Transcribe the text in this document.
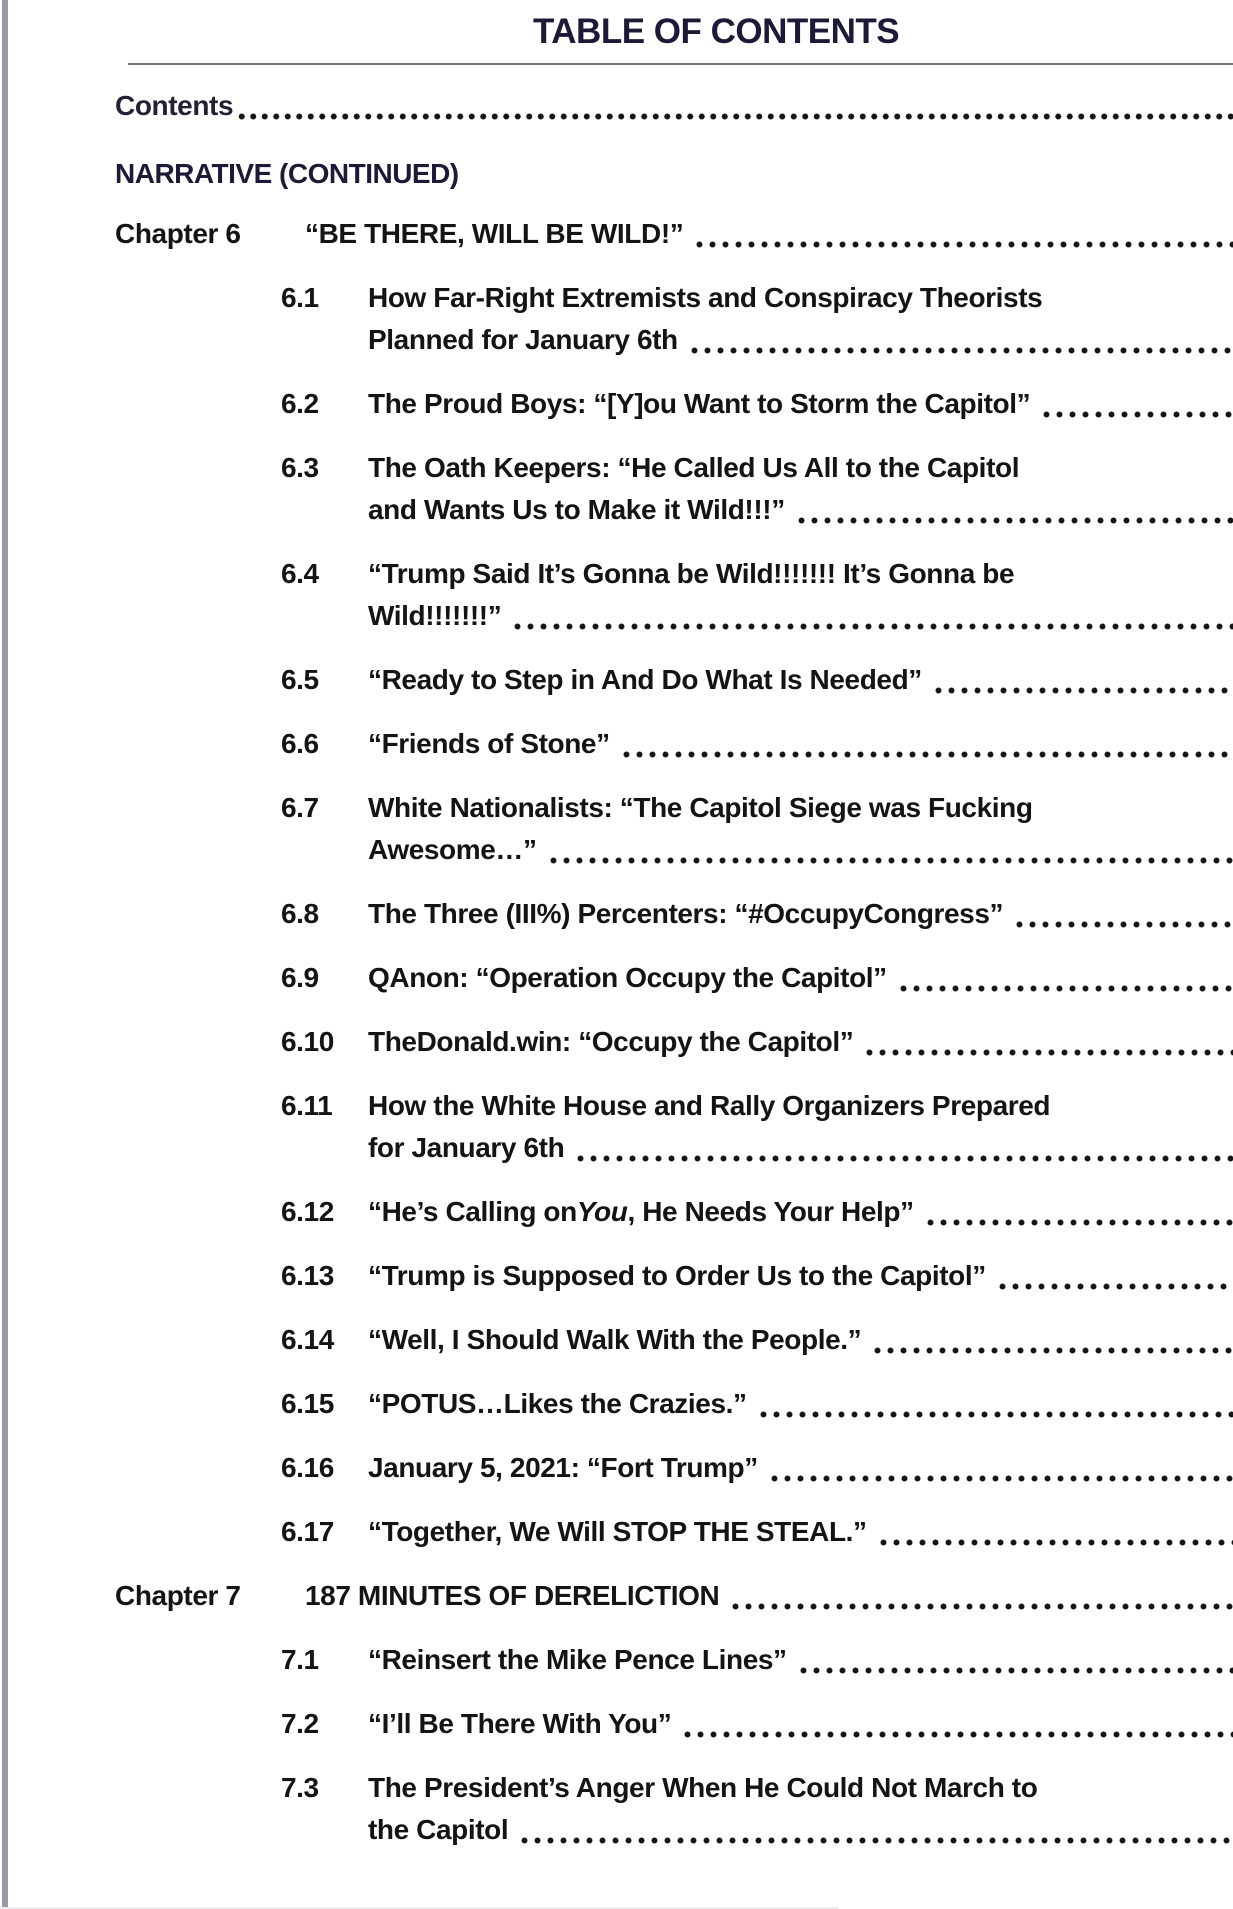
TABLE OF CONTENTS
Contents
NARRATIVE (CONTINUED)
Chapter 6	“BE THERE, WILL BE WILD!”
6.1	How Far-Right Extremists and Conspiracy Theorists
Planned for January 6th
6.2	The Proud Boys: “[Y]ou Want to Storm the Capitol”
6.3	The Oath Keepers: “He Called Us All to the Capitol
and Wants Us to Make it Wild!!!”
6.4	“Trump Said It’s Gonna be Wild!!!!!!! It’s Gonna be
Wild!!!!!!!”
6.5	“Ready to Step in And Do What Is Needed”
6.6	“Friends of Stone”
6.7	White Nationalists: “The Capitol Siege was Fucking
Awesome…”
6.8	The Three (III%) Percenters: “#OccupyCongress”
6.9	QAnon: “Operation Occupy the Capitol”
6.10	TheDonald.win: “Occupy the Capitol”
6.11	How the White House and Rally Organizers Prepared
for January 6th
6.12	“He’s Calling on You , He Needs Your Help”
6.13	“Trump is Supposed to Order Us to the Capitol”
6.14	“Well, I Should Walk With the People.”
6.15	“POTUS…Likes the Crazies.”
6.16	January 5, 2021: “Fort Trump”
6.17	“Together, We Will STOP THE STEAL.”
Chapter 7	187 MINUTES OF DERELICTION
7.1	“Reinsert the Mike Pence Lines”
7.2	“I’ll Be There With You”
7.3	The President’s Anger When He Could Not March to
the Capitol
